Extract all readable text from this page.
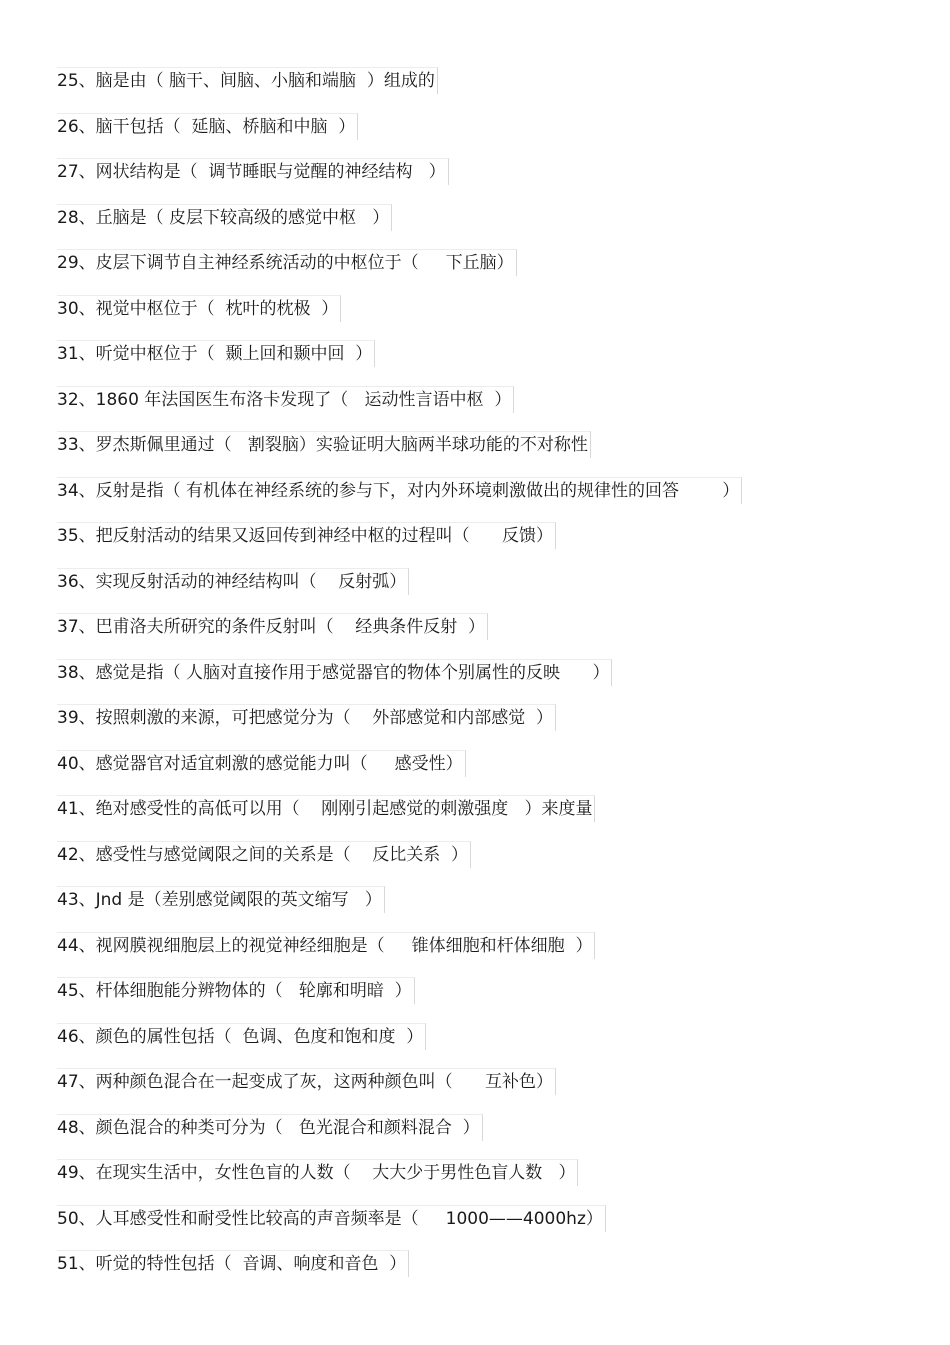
25、脑是由（ 脑干、间脑、小脑和端脑  ）组成的
26、脑干包括（  延脑、桥脑和中脑  ）
27、网状结构是（  调节睡眠与觉醒的神经结构   ）
28、丘脑是（ 皮层下较高级的感觉中枢   ）
29、皮层下调节自主神经系统活动的中枢位于（     下丘脑）
30、视觉中枢位于（  枕叶的枕极  ）
31、听觉中枢位于（  颞上回和颞中回  ）
32、1860 年法国医生布洛卡发现了（   运动性言语中枢  ）
33、罗杰斯佩里通过（   割裂脑）实验证明大脑两半球功能的不对称性
34、反射是指（ 有机体在神经系统的参与下，对内外环境刺激做出的规律性的回答        ）
35、把反射活动的结果又返回传到神经中枢的过程叫（      反馈）
36、实现反射活动的神经结构叫（    反射弧）
37、巴甫洛夫所研究的条件反射叫（    经典条件反射  ）
38、感觉是指（ 人脑对直接作用于感觉器官的物体个别属性的反映      ）
39、按照刺激的来源，可把感觉分为（    外部感觉和内部感觉  ）
40、感觉器官对适宜刺激的感觉能力叫（     感受性）
41、绝对感受性的高低可以用（    刚刚引起感觉的刺激强度   ）来度量
42、感受性与感觉阈限之间的关系是（    反比关系  ）
43、Jnd 是（差别感觉阈限的英文缩写   ）
44、视网膜视细胞层上的视觉神经细胞是（     锥体细胞和杆体细胞  ）
45、杆体细胞能分辨物体的（   轮廓和明暗  ）
46、颜色的属性包括（  色调、色度和饱和度  ）
47、两种颜色混合在一起变成了灰，这两种颜色叫（      互补色）
48、颜色混合的种类可分为（   色光混合和颜料混合  ）
49、在现实生活中，女性色盲的人数（    大大少于男性色盲人数   ）
50、人耳感受性和耐受性比较高的声音频率是（     1000——4000hz）
51、听觉的特性包括（  音调、响度和音色  ）
